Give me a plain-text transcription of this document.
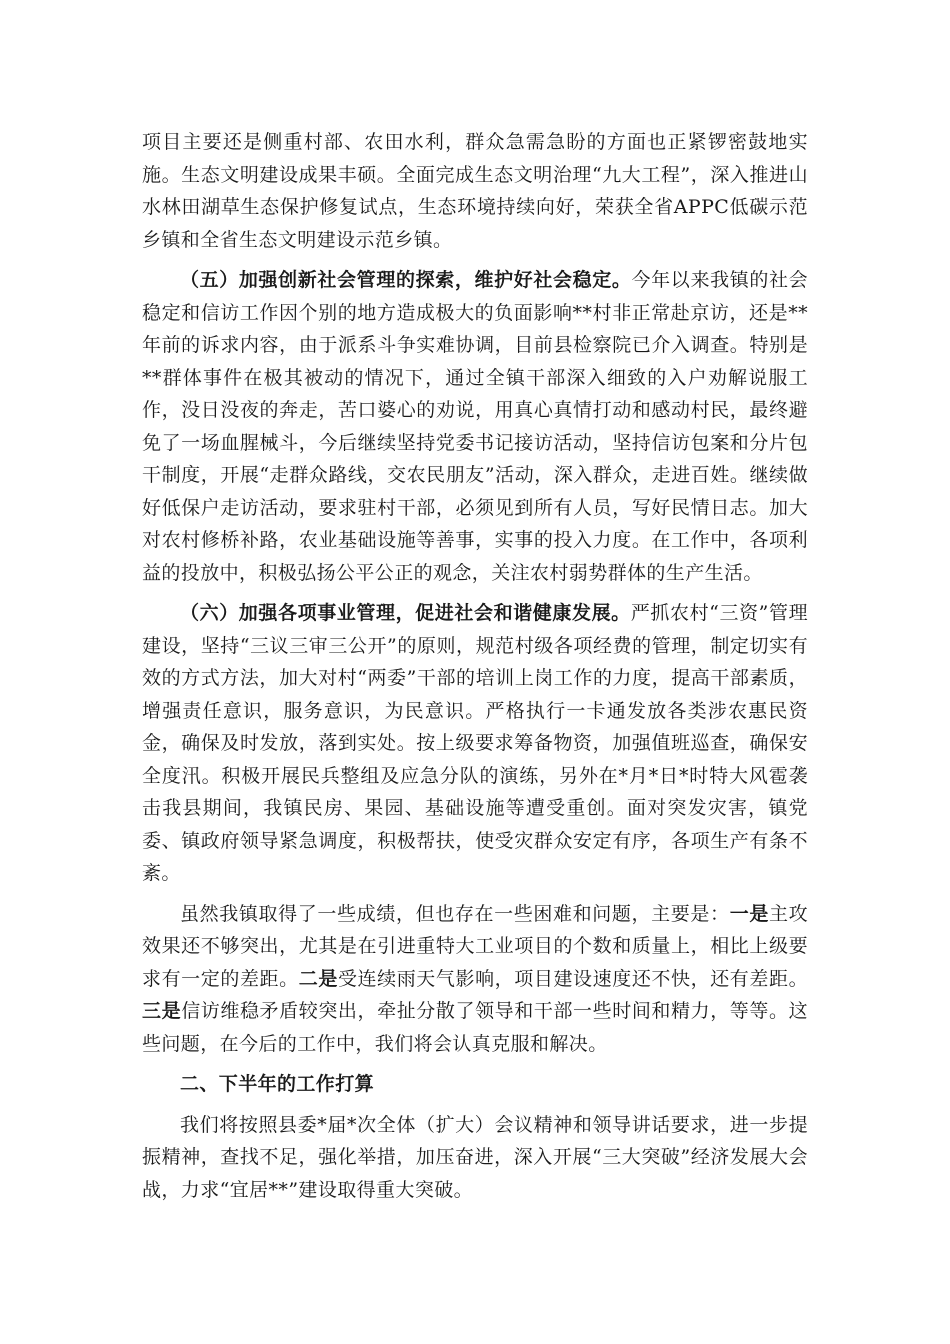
项目主要还是侧重村部、农田水利，群众急需急盼的方面也正紧锣密鼓地实施。生态文明建设成果丰硕。全面完成生态文明治理“九大工程”，深入推进山水林田湖草生态保护修复试点，生态环境持续向好，荣获全省APPC低碳示范乡镇和全省生态文明建设示范乡镇。

（五）加强创新社会管理的探索，维护好社会稳定。今年以来我镇的社会稳定和信访工作因个别的地方造成极大的负面影响**村非正常赴京访，还是**年前的诉求内容，由于派系斗争实难协调，目前县检察院已介入调查。特别是**群体事件在极其被动的情况下，通过全镇干部深入细致的入户劝解说服工作，没日没夜的奔走，苦口婆心的劝说，用真心真情打动和感动村民，最终避免了一场血腥械斗，今后继续坚持党委书记接访活动，坚持信访包案和分片包干制度，开展“走群众路线，交农民朋友”活动，深入群众，走进百姓。继续做好低保户走访活动，要求驻村干部，必须见到所有人员，写好民情日志。加大对农村修桥补路，农业基础设施等善事，实事的投入力度。在工作中，各项利益的投放中，积极弘扬公平公正的观念，关注农村弱势群体的生产生活。

（六）加强各项事业管理，促进社会和谐健康发展。严抓农村“三资”管理建设，坚持“三议三审三公开”的原则，规范村级各项经费的管理，制定切实有效的方式方法，加大对村“两委”干部的培训上岗工作的力度，提高干部素质，增强责任意识，服务意识，为民意识。严格执行一卡通发放各类涉农惠民资金，确保及时发放，落到实处。按上级要求筹备物资，加强值班巡查，确保安全度汛。积极开展民兵整组及应急分队的演练，另外在*月*日*时特大风雹袭击我县期间，我镇民房、果园、基础设施等遭受重创。面对突发灾害，镇党委、镇政府领导紧急调度，积极帮扶，使受灾群众安定有序，各项生产有条不紊。

虽然我镇取得了一些成绩，但也存在一些困难和问题，主要是：一是主攻效果还不够突出，尤其是在引进重特大工业项目的个数和质量上，相比上级要求有一定的差距。二是受连续雨天气影响，项目建设速度还不快，还有差距。三是信访维稳矛盾较突出，牵扯分散了领导和干部一些时间和精力，等等。这些问题，在今后的工作中，我们将会认真克服和解决。

二、下半年的工作打算

我们将按照县委*届*次全体（扩大）会议精神和领导讲话要求，进一步提振精神，查找不足，强化举措，加压奋进，深入开展“三大突破”经济发展大会战，力求“宜居**”建设取得重大突破。
